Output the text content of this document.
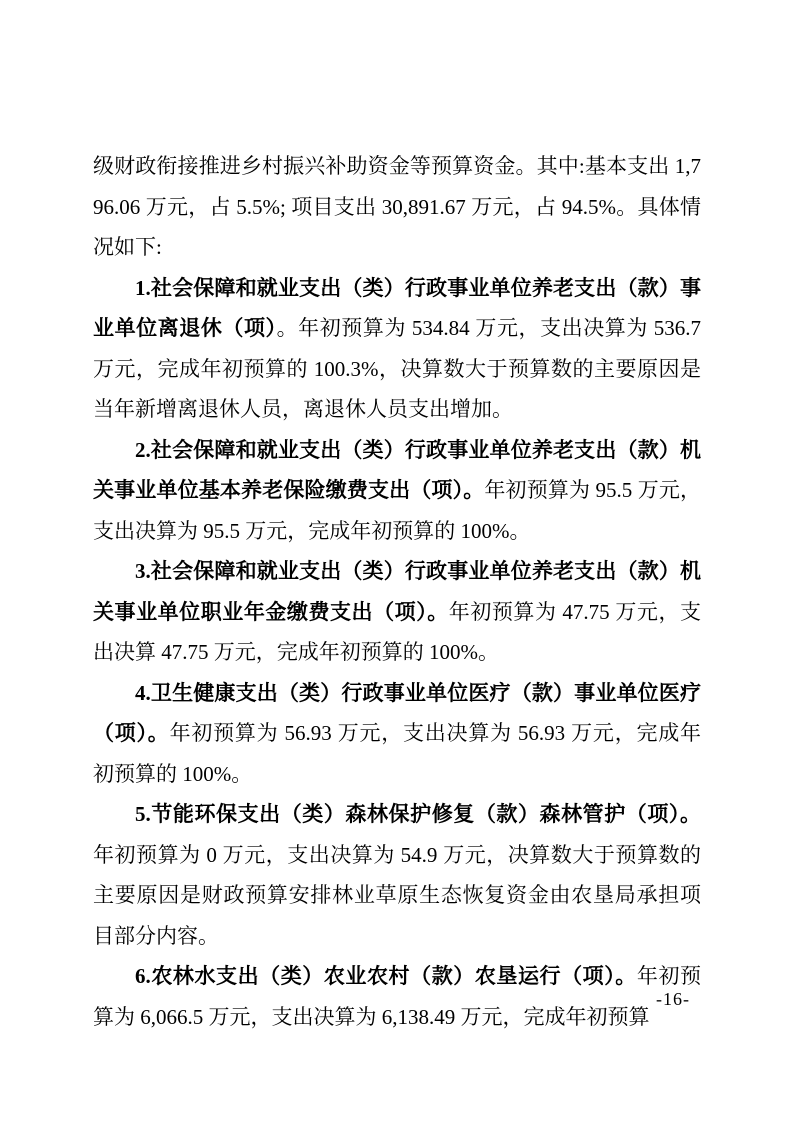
级财政衔接推进乡村振兴补助资金等预算资金。其中:基本支出 1,796.06 万元，占 5.5%; 项目支出 30,891.67 万元，占 94.5%。具体情况如下:

1.社会保障和就业支出（类）行政事业单位养老支出（款）事业单位离退休（项）。年初预算为 534.84 万元，支出决算为 536.7 万元，完成年初预算的 100.3%，决算数大于预算数的主要原因是当年新增离退休人员，离退休人员支出增加。

2.社会保障和就业支出（类）行政事业单位养老支出（款）机关事业单位基本养老保险缴费支出（项）。年初预算为 95.5 万元，支出决算为 95.5 万元，完成年初预算的 100%。

3.社会保障和就业支出（类）行政事业单位养老支出（款）机关事业单位职业年金缴费支出（项）。年初预算为 47.75 万元，支出决算 47.75 万元，完成年初预算的 100%。

4.卫生健康支出（类）行政事业单位医疗（款）事业单位医疗（项）。年初预算为 56.93 万元，支出决算为 56.93 万元，完成年初预算的 100%。

5.节能环保支出（类）森林保护修复（款）森林管护（项）。年初预算为 0 万元，支出决算为 54.9 万元，决算数大于预算数的主要原因是财政预算安排林业草原生态恢复资金由农垦局承担项目部分内容。

6.农林水支出（类）农业农村（款）农垦运行（项）。年初预算为 6,066.5 万元，支出决算为 6,138.49 万元，完成年初预算

-16-
